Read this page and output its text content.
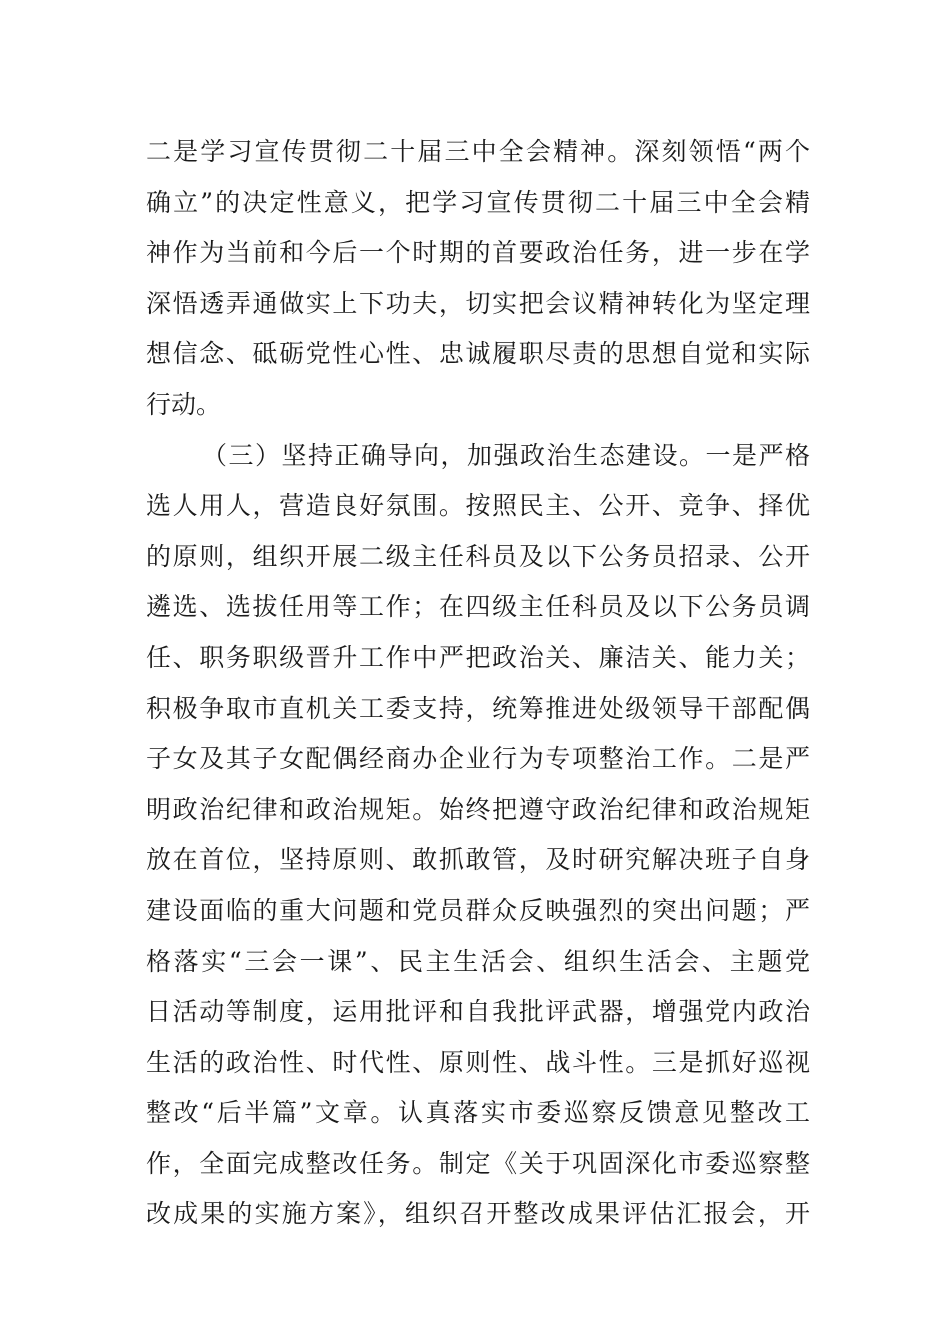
二是学习宣传贯彻二十届三中全会精神。深刻领悟“两个
确立”的决定性意义，把学习宣传贯彻二十届三中全会精
神作为当前和今后一个时期的首要政治任务，进一步在学
深悟透弄通做实上下功夫，切实把会议精神转化为坚定理
想信念、砥砺党性心性、忠诚履职尽责的思想自觉和实际
行动。
（三）坚持正确导向，加强政治生态建设。一是严格
选人用人，营造良好氛围。按照民主、公开、竞争、择优
的原则，组织开展二级主任科员及以下公务员招录、公开
遴选、选拔任用等工作；在四级主任科员及以下公务员调
任、职务职级晋升工作中严把政治关、廉洁关、能力关；
积极争取市直机关工委支持，统筹推进处级领导干部配偶
子女及其子女配偶经商办企业行为专项整治工作。二是严
明政治纪律和政治规矩。始终把遵守政治纪律和政治规矩
放在首位，坚持原则、敢抓敢管，及时研究解决班子自身
建设面临的重大问题和党员群众反映强烈的突出问题；严
格落实“三会一课”、民主生活会、组织生活会、主题党
日活动等制度，运用批评和自我批评武器，增强党内政治
生活的政治性、时代性、原则性、战斗性。三是抓好巡视
整改“后半篇”文章。认真落实市委巡察反馈意见整改工
作，全面完成整改任务。制定《关于巩固深化市委巡察整
改成果的实施方案》，组织召开整改成果评估汇报会，开
